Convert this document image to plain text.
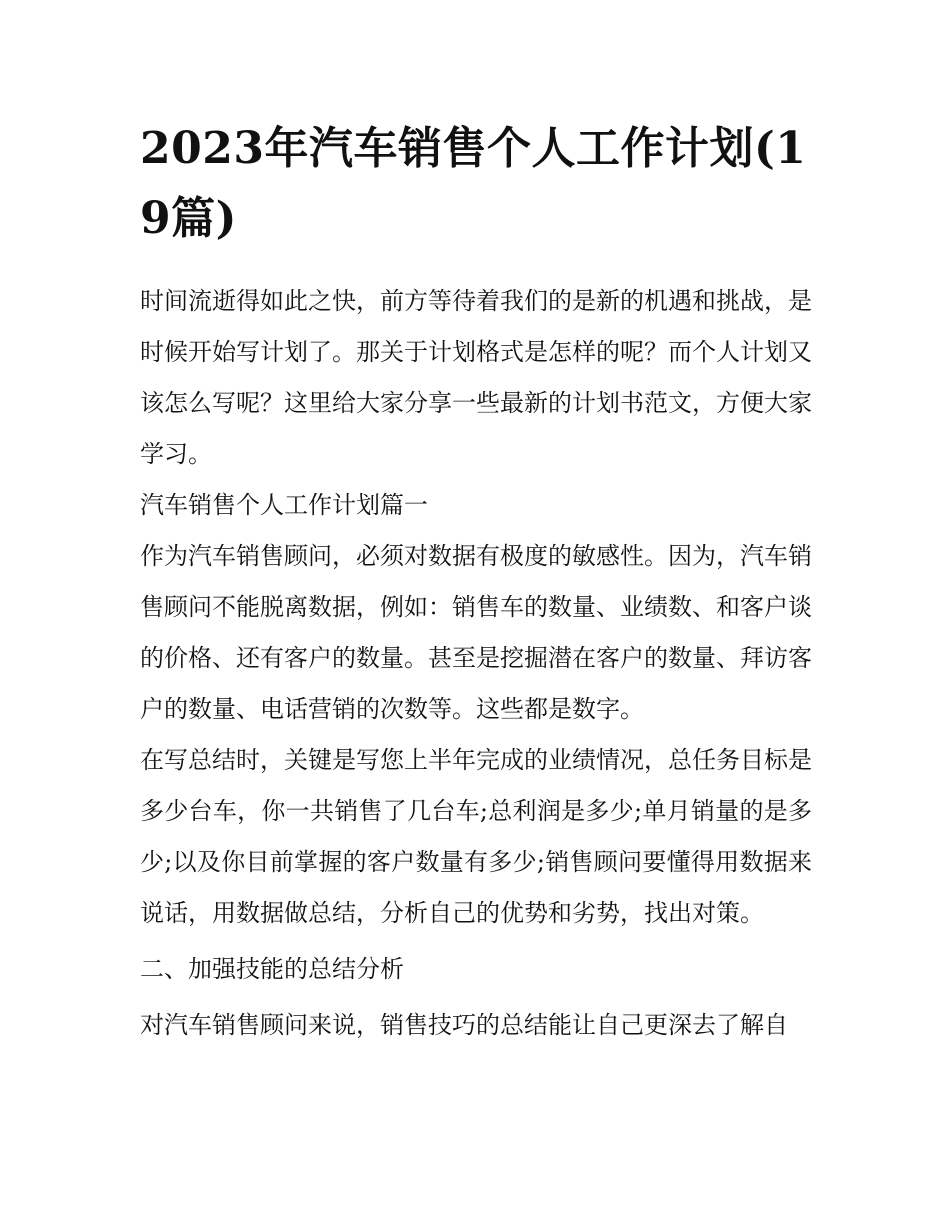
2023年汽车销售个人工作计划(19篇)

时间流逝得如此之快，前方等待着我们的是新的机遇和挑战，是时候开始写计划了。那关于计划格式是怎样的呢？而个人计划又该怎么写呢？这里给大家分享一些最新的计划书范文，方便大家学习。

汽车销售个人工作计划篇一

作为汽车销售顾问，必须对数据有极度的敏感性。因为，汽车销售顾问不能脱离数据，例如：销售车的数量、业绩数、和客户谈的价格、还有客户的数量。甚至是挖掘潜在客户的数量、拜访客户的数量、电话营销的次数等。这些都是数字。

在写总结时，关键是写您上半年完成的业绩情况，总任务目标是多少台车，你一共销售了几台车;总利润是多少;单月销量的是多少;以及你目前掌握的客户数量有多少;销售顾问要懂得用数据来说话，用数据做总结，分析自己的优势和劣势，找出对策。

二、加强技能的总结分析

对汽车销售顾问来说，销售技巧的总结能让自己更深去了解自
